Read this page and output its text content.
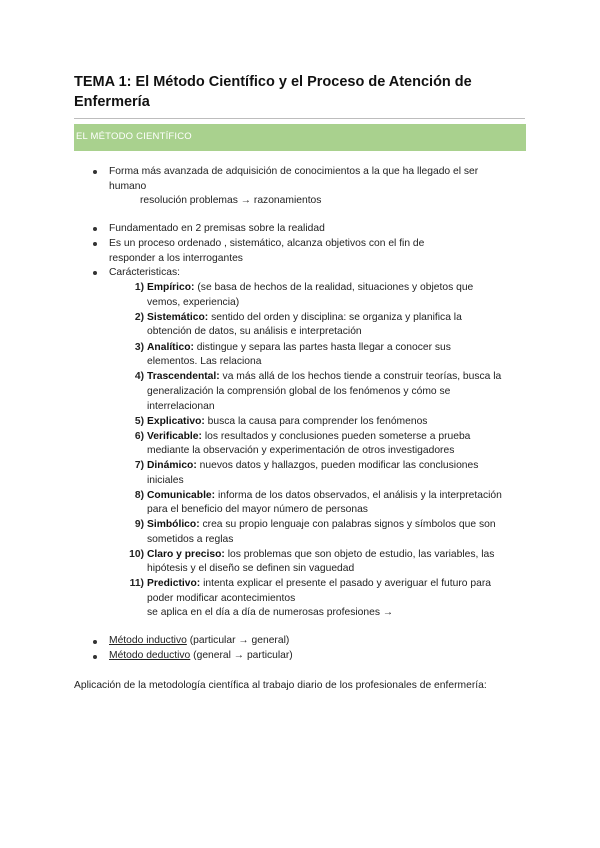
TEMA 1: El Método Científico y el Proceso de Atención de Enfermería
EL MÉTODO CIENTÍFICO
Forma más avanzada de adquisición de conocimientos a la que ha llegado el ser
humano
resolución problemas → razonamientos
Fundamentado en 2 premisas sobre la realidad
Es un proceso ordenado , sistemático, alcanza objetivos con el fin de
responder a los interrogantes
Carácteristicas:
1) Empírico: (se basa de hechos de la realidad, situaciones y objetos que
vemos, experiencia)
2) Sistemático: sentido del orden y disciplina: se organiza y planifica la
obtención de datos, su análisis e interpretación
3) Analítico: distingue y separa las partes hasta llegar a conocer sus
elementos. Las relaciona
4) Trascendental: va más allá de los hechos tiende a construir teorías, busca la
generalización la comprensión global de los fenómenos y cómo se
interrelacionan
5) Explicativo: busca la causa para comprender los fenómenos
6) Verificable: los resultados y conclusiones pueden someterse a prueba
mediante la observación y experimentación de otros investigadores
7) Dinámico: nuevos datos y hallazgos, pueden modificar las conclusiones
iniciales
8) Comunicable: informa de los datos observados, el análisis y la interpretación
para el beneficio del mayor número de personas
9) Simbólico: crea su propio lenguaje con palabras signos y símbolos que son
sometidos a reglas
10) Claro y preciso: los problemas que son objeto de estudio, las variables, las
hipótesis y el diseño se definen sin vaguedad
11) Predictivo: intenta explicar el presente el pasado y averiguar el futuro para
poder modificar acontecimientos
se aplica en el día a día de numerosas profesiones →
Método inductivo (particular → general)
Método deductivo (general → particular)
Aplicación de la metodología científica al trabajo diario de los profesionales de enfermería:
